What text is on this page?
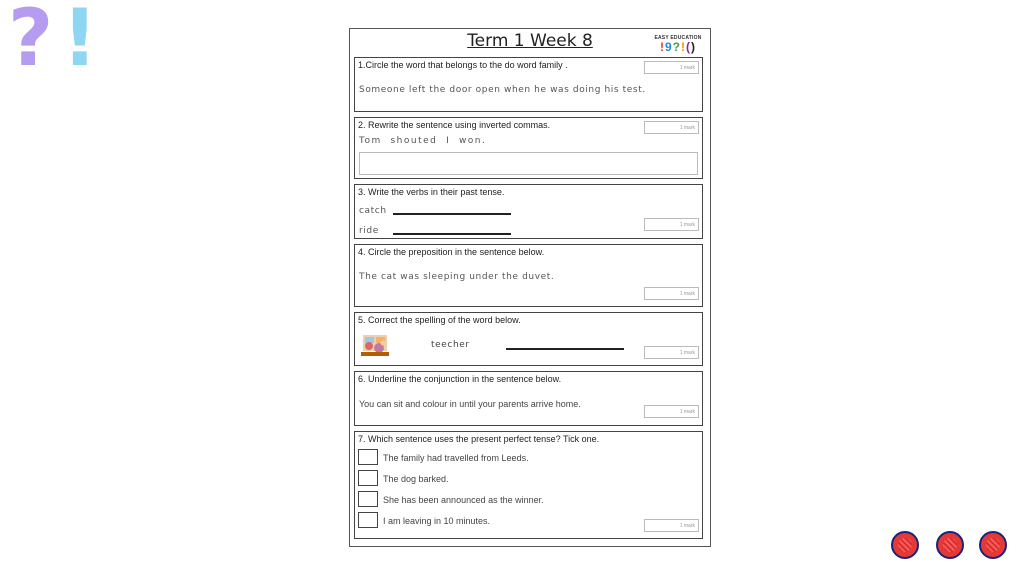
? !	Term 1 Week 8	EASY EDUCATION
!9?!()
1.Circle the word that belongs to the do word family .	1 mark
Someone left the door open when he was doing his test.
2. Rewrite the sentence using inverted commas.	1 mark
Tom  shouted  I  won.
3. Write the verbs in their past tense.
catch
ride
1 mark
4. Circle the preposition in the sentence below.
The cat was sleeping under the duvet.
1 mark
5. Correct the spelling of the word below.
teecher
1 mark
6. Underline the conjunction in the sentence below.
You can sit and colour in until your parents arrive home.
1 mark
7. Which sentence uses the present perfect tense? Tick one.
The family had travelled from Leeds.
The dog barked.
She has been announced as the winner.
I am leaving in 10 minutes.	1 mark
